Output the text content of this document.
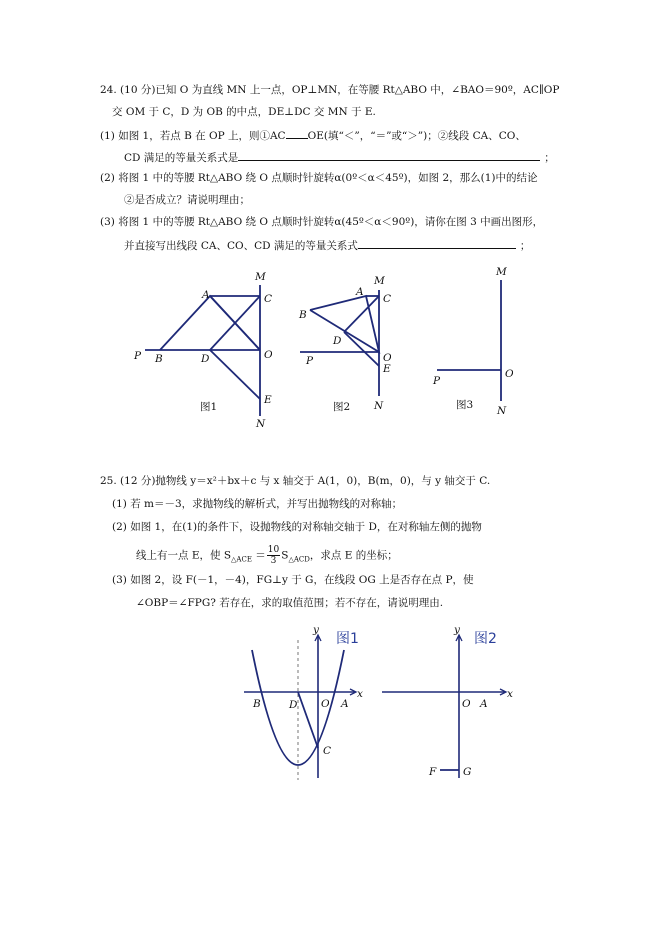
24. (10 分)已知 O 为直线 MN 上一点，OP⊥MN，在等腰 Rt△ABO 中，∠BAO＝90º，AC∥OP
交 OM 于 C，D 为 OB 的中点，DE⊥DC 交 MN 于 E.
(1) 如图 1，若点 B 在 OP 上，则①AC OE(填“＜”，“＝”或“＞”)；②线段 CA、CO、
CD 满足的等量关系式是	；
(2) 将图 1 中的等腰 Rt△ABO 绕 O 点顺时针旋转α(0º＜α＜45º)，如图 2，那么(1)中的结论
②是否成立？请说明理由；
(3) 将图 1 中的等腰 Rt△ABO 绕 O 点顺时针旋转α(45º＜α＜90º)，请你在图 3 中画出图形，
并直接写出线段 CA、CO、CD 满足的等量关系式	；
M
A	C
P B	D	O
E
N
图1
M
A
C
B
D
O
E
P
N
图2
M
P
O
N
图3
25. (12 分)抛物线 y＝x²＋bx＋c 与 x 轴交于 A(1，0)，B(m，0)，与 y 轴交于 C.
(1) 若 m＝－3，求抛物线的解析式，并写出抛物线的对称轴；
(2) 如图 1，在(1)的条件下，设抛物线的对称轴交轴于 D，在对称轴左侧的抛物
线上有一点 E，使 $S_{\triangle ACE} = \frac{10}{3} S_{\triangle ACD}$，求点 E 的坐标；
(3) 如图 2，设 F(－1，－4)，FG⊥y 于 G，在线段 OG 上是否存在点 P，使
∠OBP＝∠FPG? 若存在，求的取值范围；若不存在，请说明理由.
y
图1
x
B	D O A
C
y
图2
x
O A
F	G
